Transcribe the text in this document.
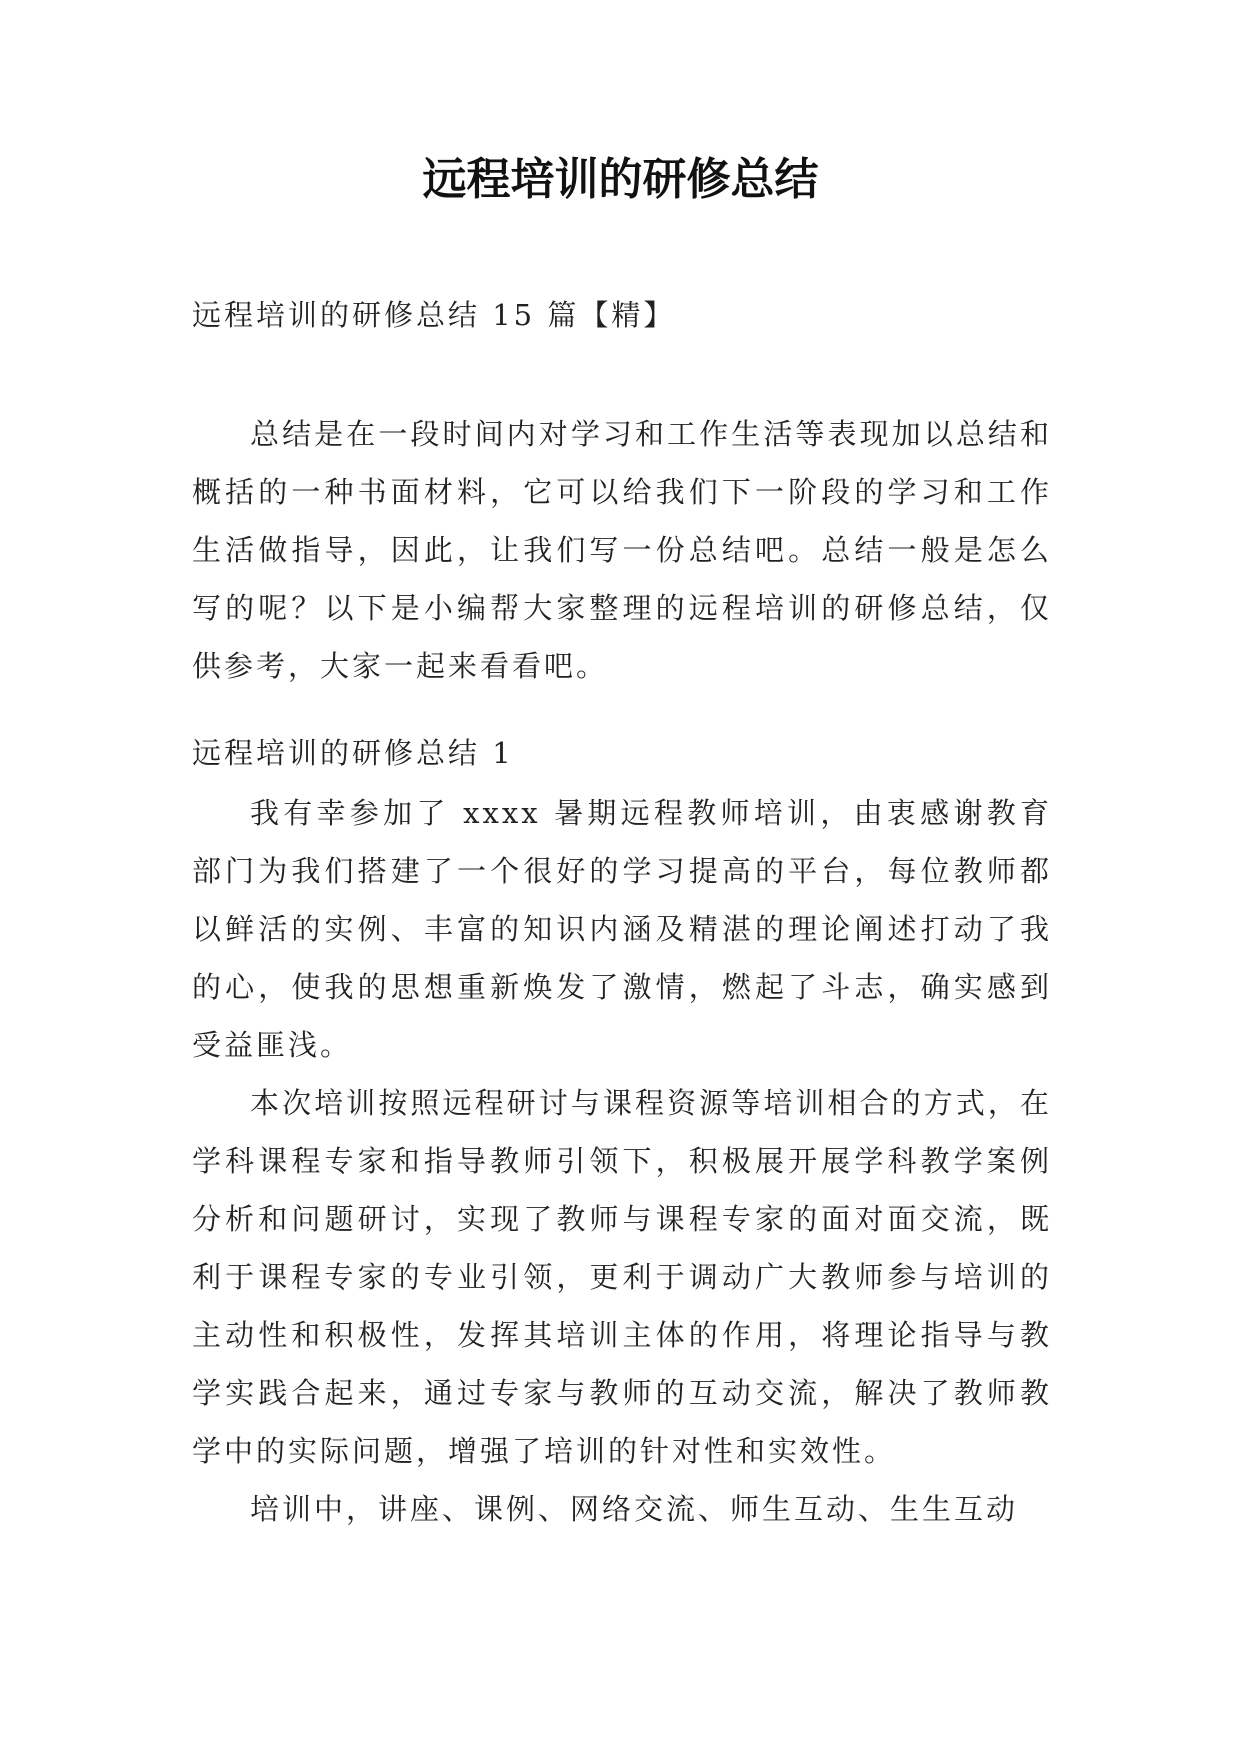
远程培训的研修总结
远程培训的研修总结 15 篇【精】

总结是在一段时间内对学习和工作生活等表现加以总结和概括的一种书面材料，它可以给我们下一阶段的学习和工作生活做指导，因此，让我们写一份总结吧。总结一般是怎么写的呢？以下是小编帮大家整理的远程培训的研修总结，仅供参考，大家一起来看看吧。

远程培训的研修总结 1

我有幸参加了 xxxx 暑期远程教师培训，由衷感谢教育部门为我们搭建了一个很好的学习提高的平台，每位教师都以鲜活的实例、丰富的知识内涵及精湛的理论阐述打动了我的心，使我的思想重新焕发了激情，燃起了斗志，确实感到受益匪浅。

本次培训按照远程研讨与课程资源等培训相合的方式，在学科课程专家和指导教师引领下，积极展开展学科教学案例分析和问题研讨，实现了教师与课程专家的面对面交流，既利于课程专家的专业引领，更利于调动广大教师参与培训的主动性和积极性，发挥其培训主体的作用，将理论指导与教学实践合起来，通过专家与教师的互动交流，解决了教师教学中的实际问题，增强了培训的针对性和实效性。

培训中，讲座、课例、网络交流、师生互动、生生互动
